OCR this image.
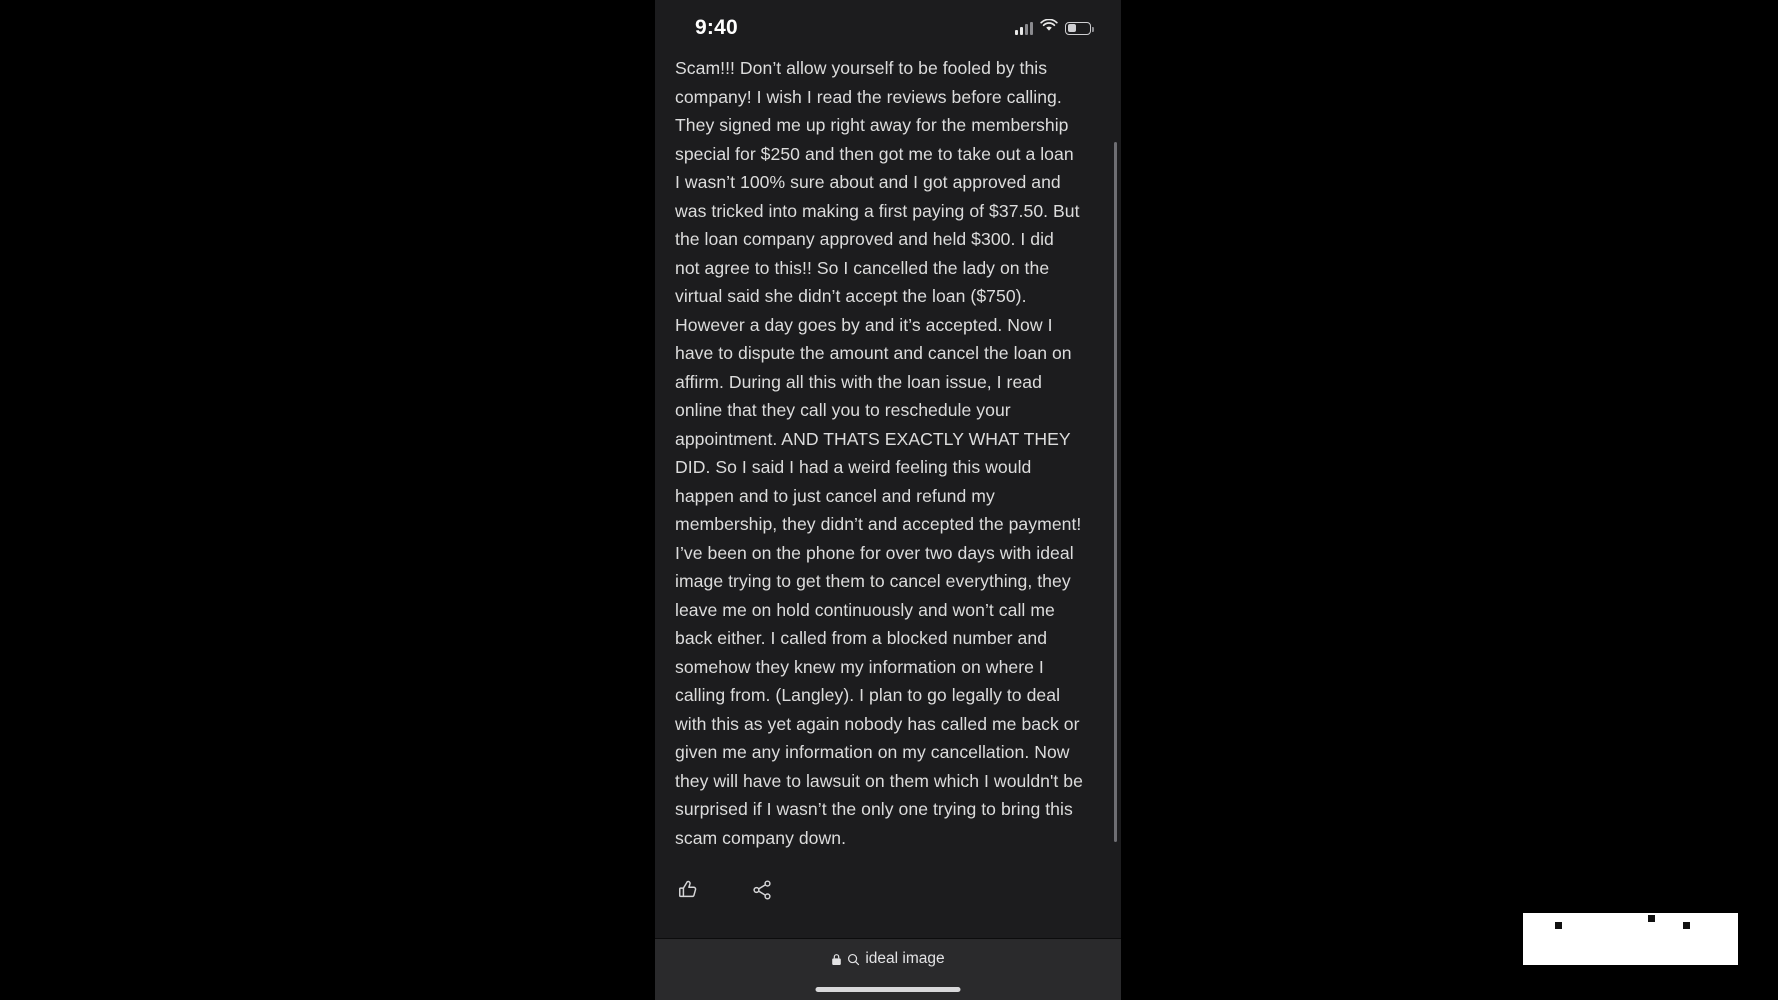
9:40
Scam!!! Don’t allow yourself to be fooled by this company! I wish I read the reviews before calling. They signed me up right away for the membership special for $250 and then got me to take out a loan I wasn’t 100% sure about and I got approved and was tricked into making a first paying of $37.50. But the loan company approved and held $300. I did not agree to this!! So I cancelled the lady on the virtual said she didn’t accept the loan ($750). However a day goes by and it’s accepted. Now I have to dispute the amount and cancel the loan on affirm. During all this with the loan issue, I read online that they call you to reschedule your appointment. AND THATS EXACTLY WHAT THEY DID. So I said I had a weird feeling this would happen and to just cancel and refund my membership, they didn’t and accepted the payment! I’ve been on the phone for over two days with ideal image trying to get them to cancel everything, they leave me on hold continuously and won’t call me back either. I called from a blocked number and somehow they knew my information on where I calling from. (Langley). I plan to go legally to deal with this as yet again nobody has called me back or given me any information on my cancellation. Now they will have to lawsuit on them which I wouldn't be surprised if I wasn’t the only one trying to bring this scam company down.
ideal image
